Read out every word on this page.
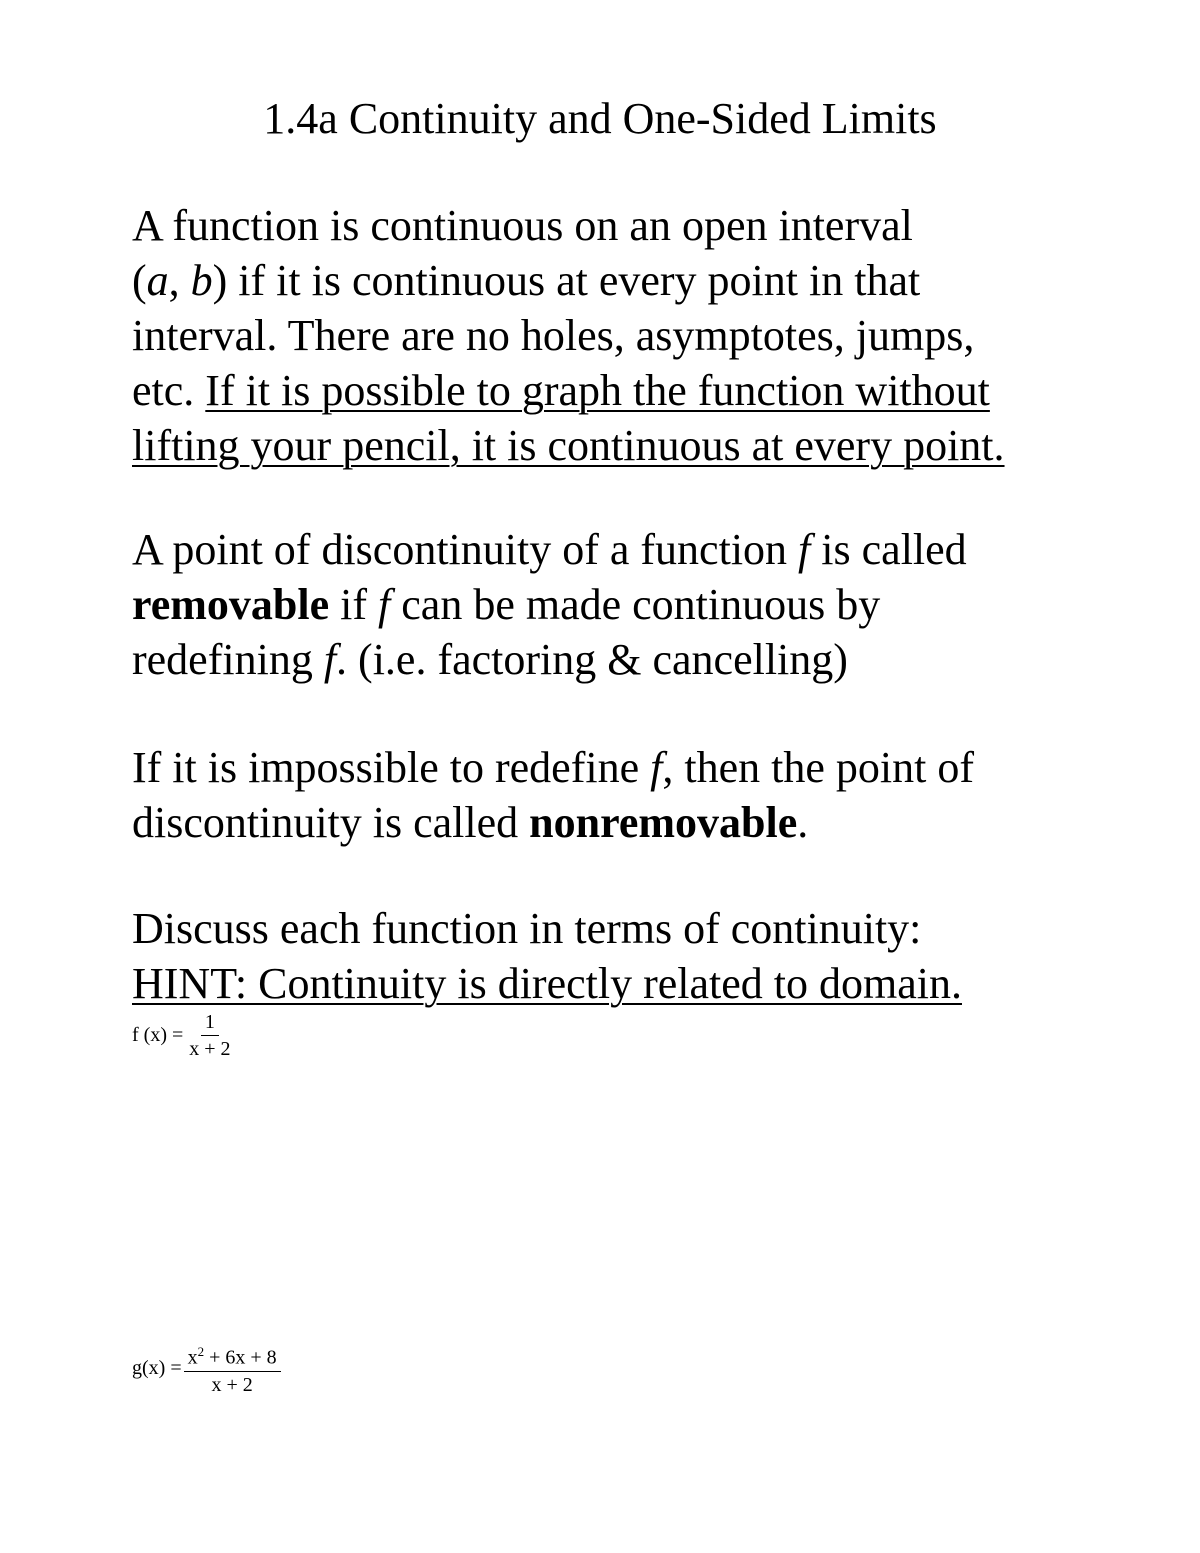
1.4a Continuity and One-Sided Limits
A function is continuous on an open interval
(a, b) if it is continuous at every point in that
interval. There are no holes, asymptotes, jumps,
etc. If it is possible to graph the function without
lifting your pencil, it is continuous at every point.
A point of discontinuity of a function f is called
removable if f can be made continuous by
redefining f. (i.e. factoring & cancelling)
If it is impossible to redefine f, then the point of
discontinuity is called nonremovable.
Discuss each function in terms of continuity:
HINT: Continuity is directly related to domain.
f $(x) = \frac{1}{x + 2}$
$g(x) = \frac{x^2 + 6x + 8}{x + 2}$
